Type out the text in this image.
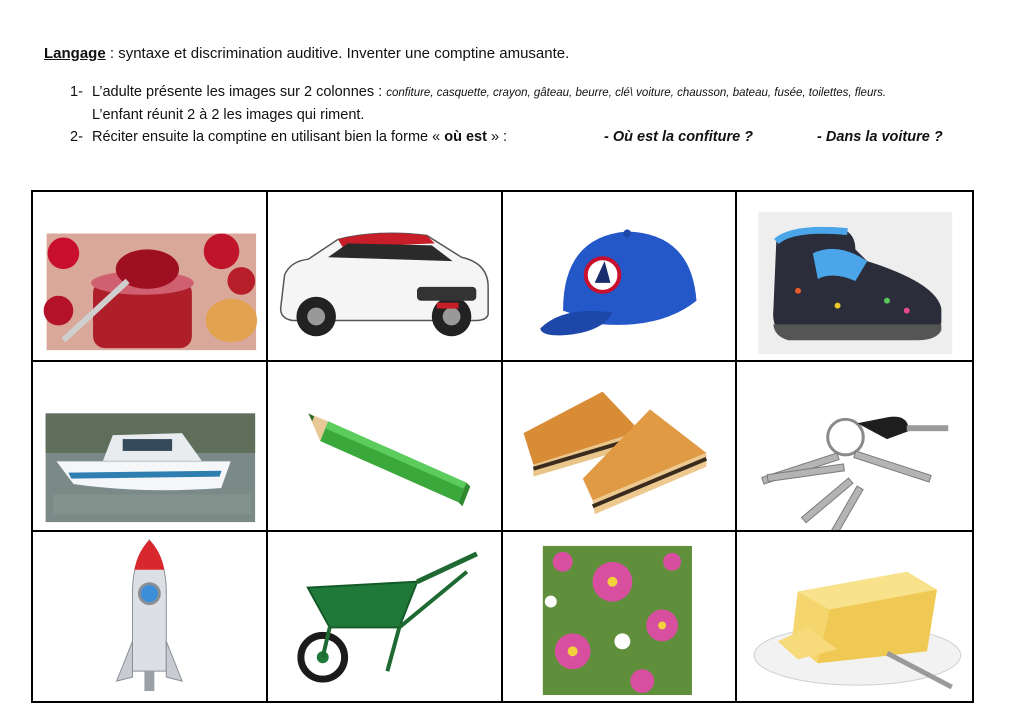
Langage : syntaxe et discrimination auditive. Inventer une comptine amusante.
1- L’adulte présente les images sur 2 colonnes : confiture, casquette, crayon, gâteau, beurre, clé\ voiture, chausson, bateau, fusée, toilettes, fleurs.
L’enfant réunit 2 à 2 les images qui riment.
2- Réciter ensuite la comptine en utilisant bien la forme « où est » :	- Où est la confiture ?	- Dans la voiture ?
